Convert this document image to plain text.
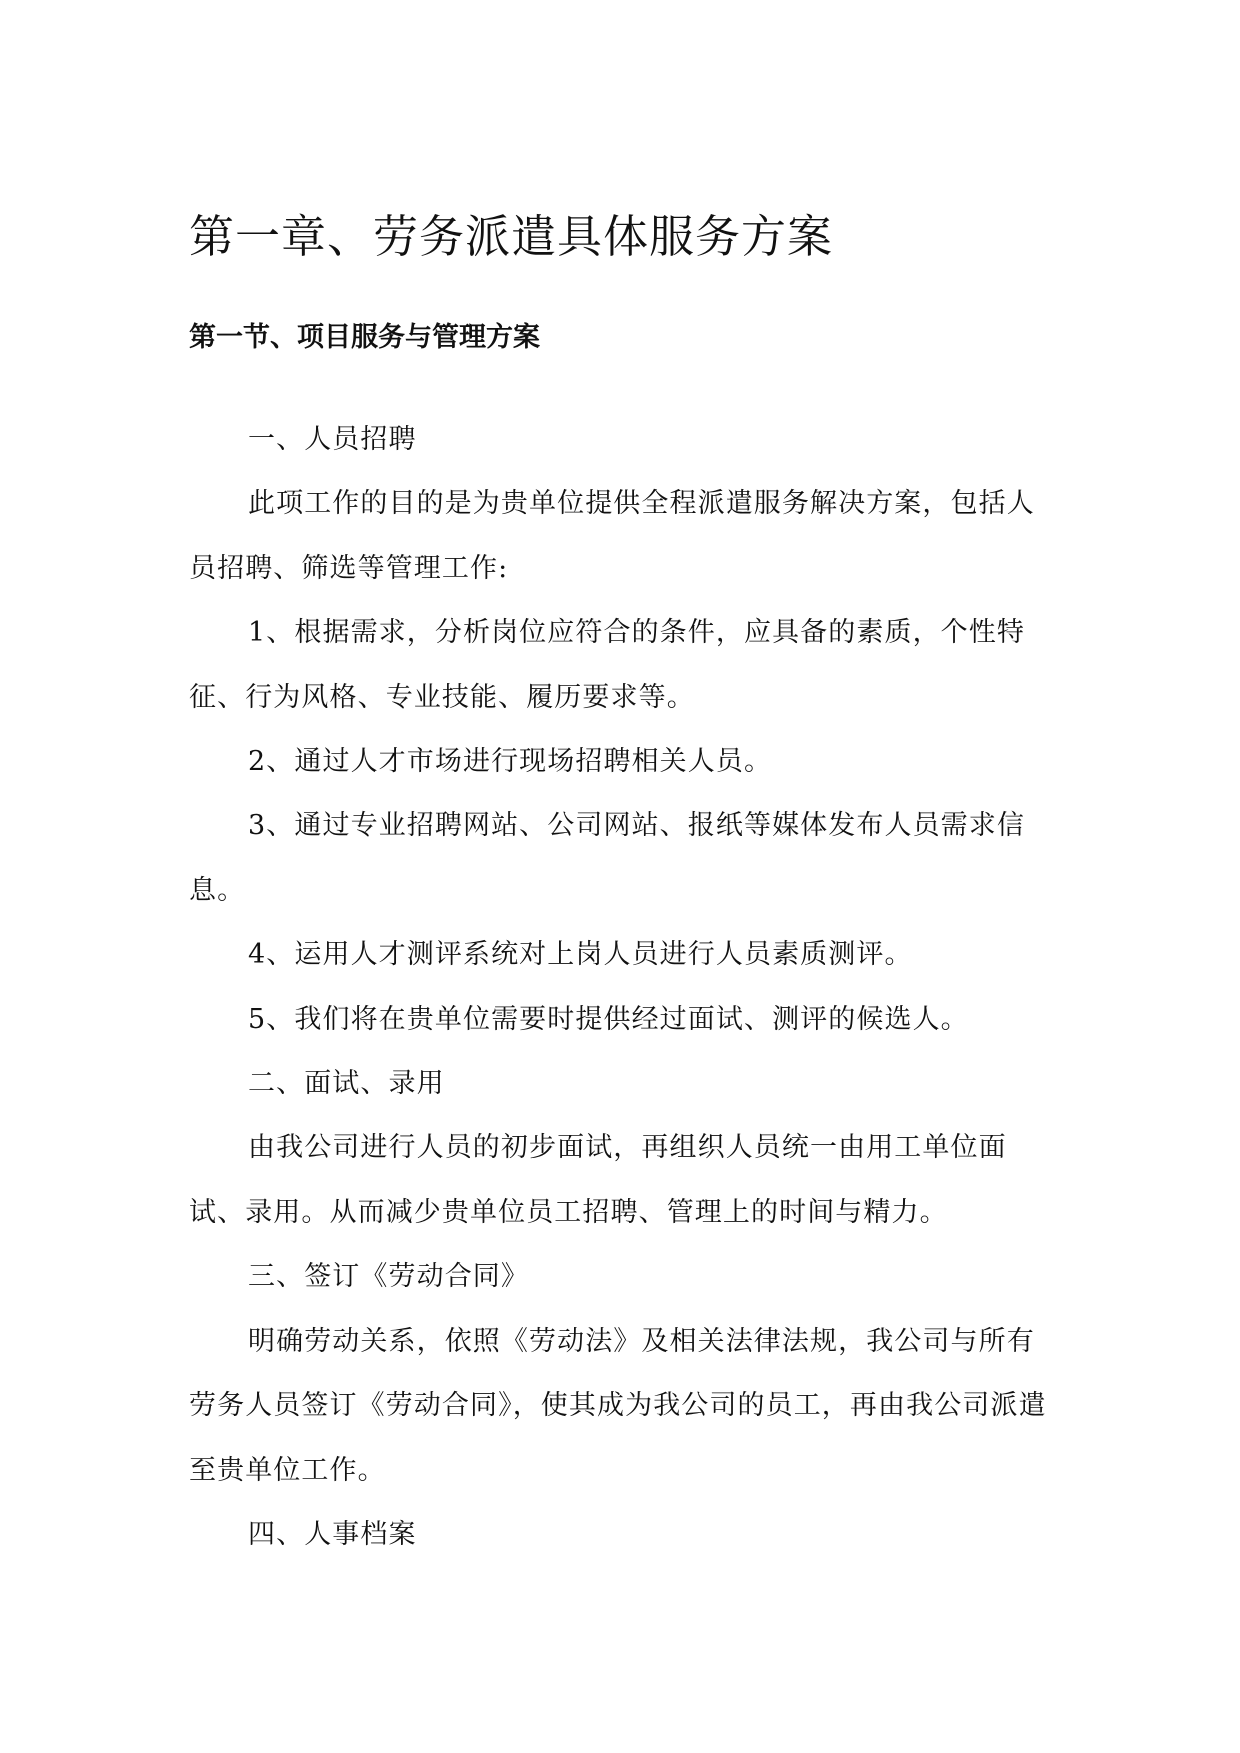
第一章、劳务派遣具体服务方案
第一节、项目服务与管理方案

一、人员招聘

此项工作的目的是为贵单位提供全程派遣服务解决方案，包括人员招聘、筛选等管理工作:

1、根据需求，分析岗位应符合的条件，应具备的素质，个性特征、行为风格、专业技能、履历要求等。

2、通过人才市场进行现场招聘相关人员。

3、通过专业招聘网站、公司网站、报纸等媒体发布人员需求信息。

4、运用人才测评系统对上岗人员进行人员素质测评。

5、我们将在贵单位需要时提供经过面试、测评的候选人。

二、面试、录用

由我公司进行人员的初步面试，再组织人员统一由用工单位面试、录用。从而减少贵单位员工招聘、管理上的时间与精力。

三、签订《劳动合同》

明确劳动关系，依照《劳动法》及相关法律法规，我公司与所有劳务人员签订《劳动合同》，使其成为我公司的员工，再由我公司派遣至贵单位工作。

四、人事档案
